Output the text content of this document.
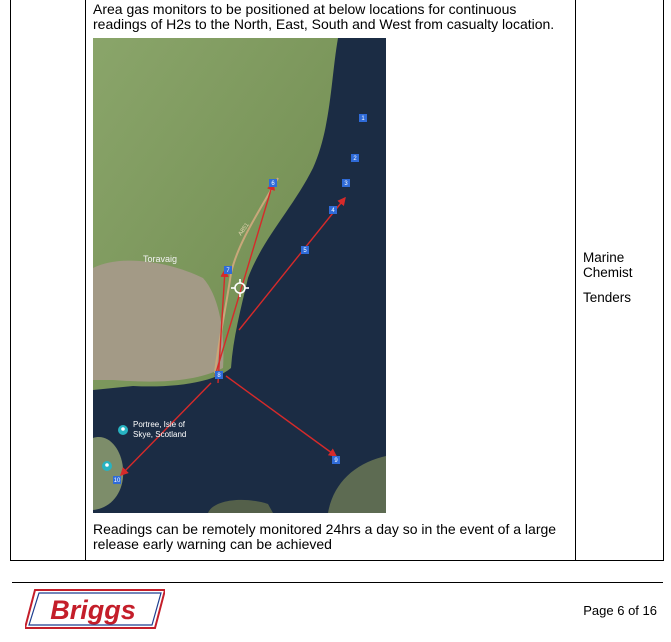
Area gas monitors to be positioned at below locations for continuous readings of H2s to the North, East, South and West from casualty location.
1
2
3
4
5
6
7
8
9
10
Toravaig
A851
Portree, Isle of
Skye, Scotland
Readings can be remotely monitored 24hrs a day so in the event of a large release early warning can be achieved
Marine Chemist
Tenders
Briggs	Page 6 of 16
